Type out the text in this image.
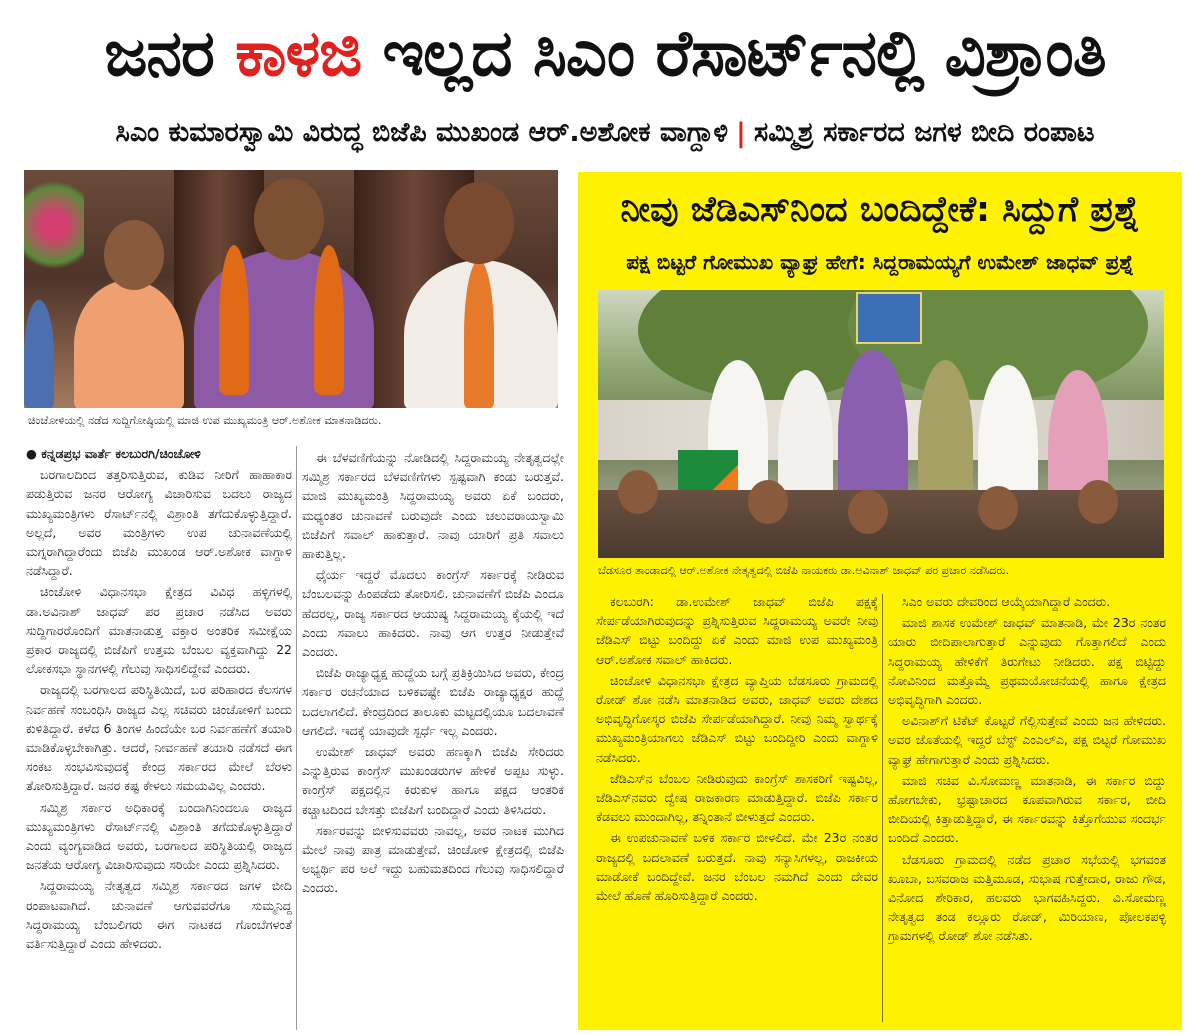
ಜನರ
ಕಾಳಜಿ
ಇಲ್ಲದ ಸಿಎಂ ರೆಸಾರ್ಟ್‌ನಲ್ಲಿ ವಿಶ್ರಾಂತಿ
ಸಿಎಂ ಕುಮಾರಸ್ವಾಮಿ ವಿರುದ್ಧ ಬಿಜೆಪಿ ಮುಖಂಡ ಆರ್.ಅಶೋಕ ವಾಗ್ದಾಳಿ | ಸಮ್ಮಿಶ್ರ ಸರ್ಕಾರದ ಜಗಳ ಬೀದಿ ರಂಪಾಟ
ಚಿಂಚೋಳಿಯಲ್ಲಿ ನಡೆದ ಸುದ್ದಿಗೋಷ್ಠಿಯಲ್ಲಿ ಮಾಜಿ ಉಪ ಮುಖ್ಯಮಂತ್ರಿ ಆರ್.ಅಶೋಕ ಮಾತನಾಡಿದರು.

● ಕನ್ನಡಪ್ರಭ ವಾರ್ತೆ ಕಲಬುರಗಿ/ಚಿಂಚೋಳಿ

ಬರಗಾಲದಿಂದ ತತ್ತರಿಸುತ್ತಿರುವ, ಕುಡಿವ ನೀರಿಗೆ ಹಾಹಾಕಾರ ಪಡುತ್ತಿರುವ ಜನರ ಆರೋಗ್ಯ ವಿಚಾರಿಸುವ ಬದಲು ರಾಜ್ಯದ ಮುಖ್ಯಮಂತ್ರಿಗಳು ರೆಸಾರ್ಟ್‌ನಲ್ಲಿ ವಿಶ್ರಾಂತಿ ತಗೆದುಕೊಳ್ಳುತ್ತಿದ್ದಾರೆ. ಅಲ್ಲದೆ, ಅವರ ಮಂತ್ರಿಗಳು ಉಪ ಚುನಾವಣೆಯಲ್ಲಿ ಮಗ್ನರಾಗಿದ್ದಾರೆಂದು ಬಿಜೆಪಿ ಮುಖಂಡ ಆರ್.ಅಶೋಕ ವಾಗ್ದಾಳಿ ನಡೆಸಿದ್ದಾರೆ.

ಚಿಂಚೋಳಿ ವಿಧಾನಸಭಾ ಕ್ಷೇತ್ರದ ವಿವಿಧ ಹಳ್ಳಿಗಳಲ್ಲಿ ಡಾ.ಅವಿನಾಶ್ ಜಾಧವ್ ಪರ ಪ್ರಚಾರ ನಡೆಸಿದ ಅವರು ಸುದ್ದಿಗಾರರೊಂದಿಗೆ ಮಾತನಾಡುತ್ತ ವಕ್ತಾರ ಅಂತರಿಕ ಸಮೀಕ್ಷೆಯ ಪ್ರಕಾರ ರಾಜ್ಯದಲ್ಲಿ ಬಿಜೆಪಿಗೆ ಉತ್ತಮ ಬೆಂಬಲ ವ್ಯಕ್ತವಾಗಿದ್ದು 22 ಲೋಕಸಭಾ ಸ್ಥಾನಗಳಲ್ಲಿ ಗೆಲುವು ಸಾಧಿಸಲಿದ್ದೇವೆ ಎಂದರು.

ರಾಜ್ಯದಲ್ಲಿ ಬರಗಾಲದ ಪರಿಸ್ಥಿತಿಯಿದೆ, ಬರ ಪರಿಹಾರದ ಕೆಲಸಗಳ ನಿರ್ವಹಣೆ ಸಂಬಂಧಿಸಿ ರಾಜ್ಯದ ಎಲ್ಲ ಸಚಿವರು ಚಿಂಚೋಳಿಗೆ ಬಂದು ಕುಳಿತಿದ್ದಾರೆ. ಕಳೆದ 6 ತಿಂಗಳ ಹಿಂದೆಯೇ ಬರ ನಿರ್ವಹಣೆಗೆ ತಯಾರಿ ಮಾಡಿಕೊಳ್ಳಬೇಕಾಗಿತ್ತು. ಆದರೆ, ನೀರ್ವಹಣೆ ತಯಾರಿ ನಡೆಸದೆ ಈಗ ಸಂಕಟ ಸಂಭವಿಸುವುದಕ್ಕೆ ಕೇಂದ್ರ ಸರ್ಕಾರದ ಮೇಲೆ ಬೆರಳು ತೋರಿಸುತ್ತಿದ್ದಾರೆ. ಜನರ ಕಷ್ಟ ಕೇಳಲು ಸಮಯವಿಲ್ಲ ಎಂದರು.

ಸಮ್ಮಿಶ್ರ ಸರ್ಕಾರ ಅಧಿಕಾರಕ್ಕೆ ಬಂದಾಗಿನಿಂದಲೂ ರಾಜ್ಯದ ಮುಖ್ಯಮಂತ್ರಿಗಳು ರೆಸಾರ್ಟ್‌ನಲ್ಲಿ ವಿಶ್ರಾಂತಿ ತಗೆದುಕೊಳ್ಳುತ್ತಿದ್ದಾರೆ ಎಂದು ವ್ಯಂಗ್ಯವಾಡಿದ ಅವರು, ಬರಗಾಲದ ಪರಿಸ್ಥಿತಿಯಲ್ಲಿ ರಾಜ್ಯದ ಜನತೆಯ ಆರೋಗ್ಯ ವಿಚಾರಿಸುವುದು ಸರಿಯೇ ಎಂದು ಪ್ರಶ್ನಿಸಿದರು.

ಸಿದ್ದರಾಮಯ್ಯ ನೇತೃತ್ವದ ಸಮ್ಮಿಶ್ರ ಸರ್ಕಾರದ ಜಗಳ ಬೀದಿ ರಂಪಾಟವಾಗಿದೆ. ಚುನಾವಣೆ ಆಗುವವರೆಗೂ ಸುಮ್ಮನಿದ್ದ ಸಿದ್ದರಾಮಯ್ಯ ಬೆಂಬಲಿಗರು ಈಗ ನಾಟಕದ ಗೊಂಬೆಗಳಂತೆ ವರ್ತಿಸುತ್ತಿದ್ದಾರೆ ಎಂದು ಹೇಳಿದರು.

ಈ ಬೆಳವಣಿಗೆಯನ್ನು ನೋಡಿದಲ್ಲಿ ಸಿದ್ದರಾಮಯ್ಯ ನೇತೃತ್ವದಲ್ಲೇ ಸಮ್ಮಿಶ್ರ ಸರ್ಕಾರದ ಬೆಳವಣಿಗೆಗಳು ಸ್ಪಷ್ಟವಾಗಿ ಕಂಡು ಬರುತ್ತವೆ. ಮಾಜಿ ಮುಖ್ಯಮಂತ್ರಿ ಸಿದ್ದರಾಮಯ್ಯ ಅವರು ಏಕೆ ಬಂದರು, ಮಧ್ಯಂತರ ಚುನಾವಣೆ ಬರುವುದೇ ಎಂದು ಚಲುವರಾಯಸ್ವಾಮಿ ಬಿಜೆಪಿಗೆ ಸವಾಲ್ ಹಾಕುತ್ತಾರೆ. ನಾವು ಯಾರಿಗೆ ಪ್ರತಿ ಸವಾಲು ಹಾಕುತ್ತಿಲ್ಲ.

ಧೈರ್ಯ ಇದ್ದರೆ ಮೊದಲು ಕಾಂಗ್ರೆಸ್ ಸರ್ಕಾರಕ್ಕೆ ನೀಡಿರುವ ಬೆಂಬಲವನ್ನು ಹಿಂಪಡೆದು ತೋರಿಸಲಿ. ಚುನಾವಣೆಗೆ ಬಿಜೆಪಿ ಎಂದೂ ಹೆದರಲ್ಲ, ರಾಜ್ಯ ಸರ್ಕಾರದ ಆಯುಷ್ಯ ಸಿದ್ದರಾಮಯ್ಯ ಕೈಯಲ್ಲಿ ಇದೆ ಎಂದು ಸವಾಲು ಹಾಕಿದರು. ನಾವು ಆಗ ಉತ್ತರ ನೀಡುತ್ತೇವೆ ಎಂದರು.

ಬಿಜೆಪಿ ರಾಜ್ಯಾಧ್ಯಕ್ಷ ಹುದ್ದೆಯ ಬಗ್ಗೆ ಪ್ರತಿಕ್ರಿಯಿಸಿದ ಅವರು, ಕೇಂದ್ರ ಸರ್ಕಾರ ರಚನೆಯಾದ ಬಳಿಕವಷ್ಟೇ ಬಿಜೆಪಿ ರಾಜ್ಯಾಧ್ಯಕ್ಷರ ಹುದ್ದೆ ಬದಲಾಗಲಿದೆ. ಕೇಂದ್ರದಿಂದ ತಾಲೂಕು ಮಟ್ಟದಲ್ಲಿಯೂ ಬದಲಾವಣೆ ಆಗಲಿದೆ. ಇದಕ್ಕೆ ಯಾವುದೇ ಸ್ಪರ್ಧೆ ಇಲ್ಲ ಎಂದರು.

ಉಮೇಶ್ ಜಾಧವ್ ಅವರು ಹಣಕ್ಕಾಗಿ ಬಿಜೆಪಿ ಸೇರಿದರು ಎನ್ನುತ್ತಿರುವ ಕಾಂಗ್ರೆಸ್ ಮುಖಂಡರುಗಳ ಹೇಳಿಕೆ ಅಪ್ಪಟ ಸುಳ್ಳು. ಕಾಂಗ್ರೆಸ್ ಪಕ್ಷದಲ್ಲಿನ ಕಿರುಕುಳ ಹಾಗೂ ಪಕ್ಷದ ಆಂತರಿಕ ಕಚ್ಚಾಟದಿಂದ ಬೇಸತ್ತು ಬಿಜೆಪಿಗೆ ಬಂದಿದ್ದಾರೆ ಎಂದು ತಿಳಿಸಿದರು.

ಸರ್ಕಾರವನ್ನು ಬೀಳಿಸುವವರು ನಾವಲ್ಲ, ಅವರ ನಾಟಕ ಮುಗಿದ ಮೇಲೆ ನಾವು ಪಾತ್ರ ಮಾಡುತ್ತೇವೆ. ಚಿಂಚೋಳಿ ಕ್ಷೇತ್ರದಲ್ಲಿ ಬಿಜೆಪಿ ಅಭ್ಯರ್ಥಿ ಪರ ಅಲೆ ಇದ್ದು ಬಹುಮತದಿಂದ ಗೆಲುವು ಸಾಧಿಸಲಿದ್ದಾರೆ ಎಂದರು.

ನೀವು ಜೆಡಿಎಸ್‌ನಿಂದ ಬಂದಿದ್ದೇಕೆ: ಸಿದ್ದುಗೆ ಪ್ರಶ್ನೆ
ಪಕ್ಷ ಬಿಟ್ಟರೆ ಗೋಮುಖ ವ್ಯಾಘ್ರ ಹೇಗೆ: ಸಿದ್ದರಾಮಯ್ಯಗೆ ಉಮೇಶ್ ಜಾಧವ್ ಪ್ರಶ್ನೆ
ಬೆಡಸೂರ ತಾಂಡಾದಲ್ಲಿ ಆರ್.ಅಶೋಕ ನೇತೃತ್ವದಲ್ಲಿ ಬಿಜೆಪಿ ನಾಯಕರು ಡಾ.ಅವಿನಾಶ್ ಜಾಧವ್ ಪರ ಪ್ರಚಾರ ನಡೆಸಿದರು.

ಕಲಬುರಗಿ: ಡಾ.ಉಮೇಶ್ ಜಾಧವ್ ಬಿಜೆಪಿ ಪಕ್ಷಕ್ಕೆ ಸೇರ್ಪಡೆಯಾಗಿರುವುದನ್ನು ಪ್ರಶ್ನಿಸುತ್ತಿರುವ ಸಿದ್ದರಾಮಯ್ಯ ಅವರೇ ನೀವು ಜೆಡಿಎಸ್ ಬಿಟ್ಟು ಬಂದಿದ್ದು ಏಕೆ ಎಂದು ಮಾಜಿ ಉಪ ಮುಖ್ಯಮಂತ್ರಿ ಆರ್.ಅಶೋಕ ಸವಾಲ್ ಹಾಕಿದರು.

ಚಿಂಚೋಳಿ ವಿಧಾನಸಭಾ ಕ್ಷೇತ್ರದ ವ್ಯಾಪ್ತಿಯ ಬೆಡಸೂರು ಗ್ರಾಮದಲ್ಲಿ ರೋಡ್ ಶೋ ನಡೆಸಿ ಮಾತನಾಡಿದ ಅವರು, ಜಾಧವ್ ಅವರು ದೇಶದ ಅಭಿವೃದ್ಧಿಗೋಸ್ಕರ ಬಿಜೆಪಿ ಸೇರ್ಪಡೆಯಾಗಿದ್ದಾರೆ. ನೀವು ನಿಮ್ಮ ಸ್ವಾರ್ಥಕ್ಕೆ ಮುಖ್ಯಮಂತ್ರಿಯಾಗಲು ಜೆಡಿಎಸ್ ಬಿಟ್ಟು ಬಂದಿದ್ದೀರಿ ಎಂದು ವಾಗ್ದಾಳಿ ನಡೆಸಿದರು.

ಜೆಡಿಎಸ್‌ನ ಬೆಂಬಲ ನೀಡಿರುವುದು ಕಾಂಗ್ರೆಸ್ ಶಾಸಕರಿಗೆ ಇಷ್ಟವಿಲ್ಲ, ಜೆಡಿಎಸ್‌ನವರು ದ್ವೇಷ ರಾಜಕಾರಣ ಮಾಡುತ್ತಿದ್ದಾರೆ. ಬಿಜೆಪಿ ಸರ್ಕಾರ ಕೆಡವಲು ಮುಂದಾಗಿಲ್ಲ, ತನ್ನಿಂತಾನೆ ಬೀಳುತ್ತದೆ ಎಂದರು.

ಈ ಉಪಚುನಾವಣೆ ಬಳಿಕ ಸರ್ಕಾರ ಬೀಳಲಿದೆ. ಮೇ 23ರ ನಂತರ ರಾಜ್ಯದಲ್ಲಿ ಬದಲಾವಣೆ ಬರುತ್ತದೆ. ನಾವು ಸನ್ಯಾಸಿಗಳಲ್ಲ, ರಾಜಕೀಯ ಮಾಡೋಕೆ ಬಂದಿದ್ದೇವೆ. ಜನರ ಬೆಂಬಲ ನಮಗಿದೆ ಎಂದು ದೇವರ ಮೇಲೆ ಹೊಣೆ ಹೊರಿಸುತ್ತಿದ್ದಾರೆ ಎಂದರು.

ಸಿಎಂ ಅವರು ದೇವರಿಂದ ಆಯ್ಕೆಯಾಗಿದ್ದಾರೆ ಎಂದರು.

ಮಾಜಿ ಶಾಸಕ ಉಮೇಶ್ ಜಾಧವ್ ಮಾತನಾಡಿ, ಮೇ 23ರ ನಂತರ ಯಾರು ಬೀದಿಪಾಲಾಗುತ್ತಾರೆ ಎನ್ನುವುದು ಗೊತ್ತಾಗಲಿದೆ ಎಂದು ಸಿದ್ದರಾಮಯ್ಯ ಹೇಳಿಕೆಗೆ ತಿರುಗೇಟು ನೀಡಿದರು. ಪಕ್ಷ ಬಿಟ್ಟಿದ್ದು ನೋವಿನಿಂದ ಮತ್ತೊಮ್ಮೆ ಪ್ರಥಮಯೋಚನೆಯಲ್ಲಿ ಹಾಗೂ ಕ್ಷೇತ್ರದ ಅಭಿವೃದ್ಧಿಗಾಗಿ ಎಂದರು.

ಅವಿನಾಶ್‌ಗೆ ಟಿಕೆಟ್ ಕೊಟ್ಟರೆ ಗೆಲ್ಲಿಸುತ್ತೇವೆ ಎಂದು ಜನ ಹೇಳಿದರು. ಅವರ ಜೊತೆಯಲ್ಲಿ ಇದ್ದರೆ ಬೆಸ್ಟ್ ಎಂಎಲ್‌ಎ, ಪಕ್ಷ ಬಿಟ್ಟರೆ ಗೋಮುಖ ವ್ಯಾಘ್ರ ಹೇಗಾಗುತ್ತಾರೆ ಎಂದು ಪ್ರಶ್ನಿಸಿದರು.

ಮಾಜಿ ಸಚಿವ ವಿ.ಸೋಮಣ್ಣ ಮಾತನಾಡಿ, ಈ ಸರ್ಕಾರ ಬಿದ್ದು ಹೋಗಬೇಕು, ಭ್ರಷ್ಟಾಚಾರದ ಕೂಪವಾಗಿರುವ ಸರ್ಕಾರ, ಬೀದಿ ಬೀದಿಯಲ್ಲಿ ಕಿತ್ತಾಡುತ್ತಿದ್ದಾರೆ, ಈ ಸರ್ಕಾರವನ್ನು ಕಿತ್ತೊಗೆಯುವ ಸಂದರ್ಭ ಬಂದಿದೆ ಎಂದರು.

ಬೆಡಸೂರು ಗ್ರಾಮದಲ್ಲಿ ನಡೆದ ಪ್ರಚಾರ ಸಭೆಯಲ್ಲಿ ಭಗವಂತ ಖೂಬಾ, ಬಸವರಾಜ ಮತ್ತಿಮೂಡ, ಸುಭಾಷ ಗುತ್ತೇದಾರ, ರಾಜು ಗೌಡ, ವಿನೋದ ಶೇರಿಕಾರ, ಹಲವರು ಭಾಗವಹಿಸಿದ್ದರು. ವಿ.ಸೋಮಣ್ಣ ನೇತೃತ್ವದ ತಂಡ ಕಲ್ಲೂರು ರೋಡ್, ಮಿರಿಯಾಣ, ಪೋಲಕಪಳ್ಳಿ ಗ್ರಾಮಗಳಲ್ಲಿ ರೋಡ್ ಶೋ ನಡೆಸಿತು.
